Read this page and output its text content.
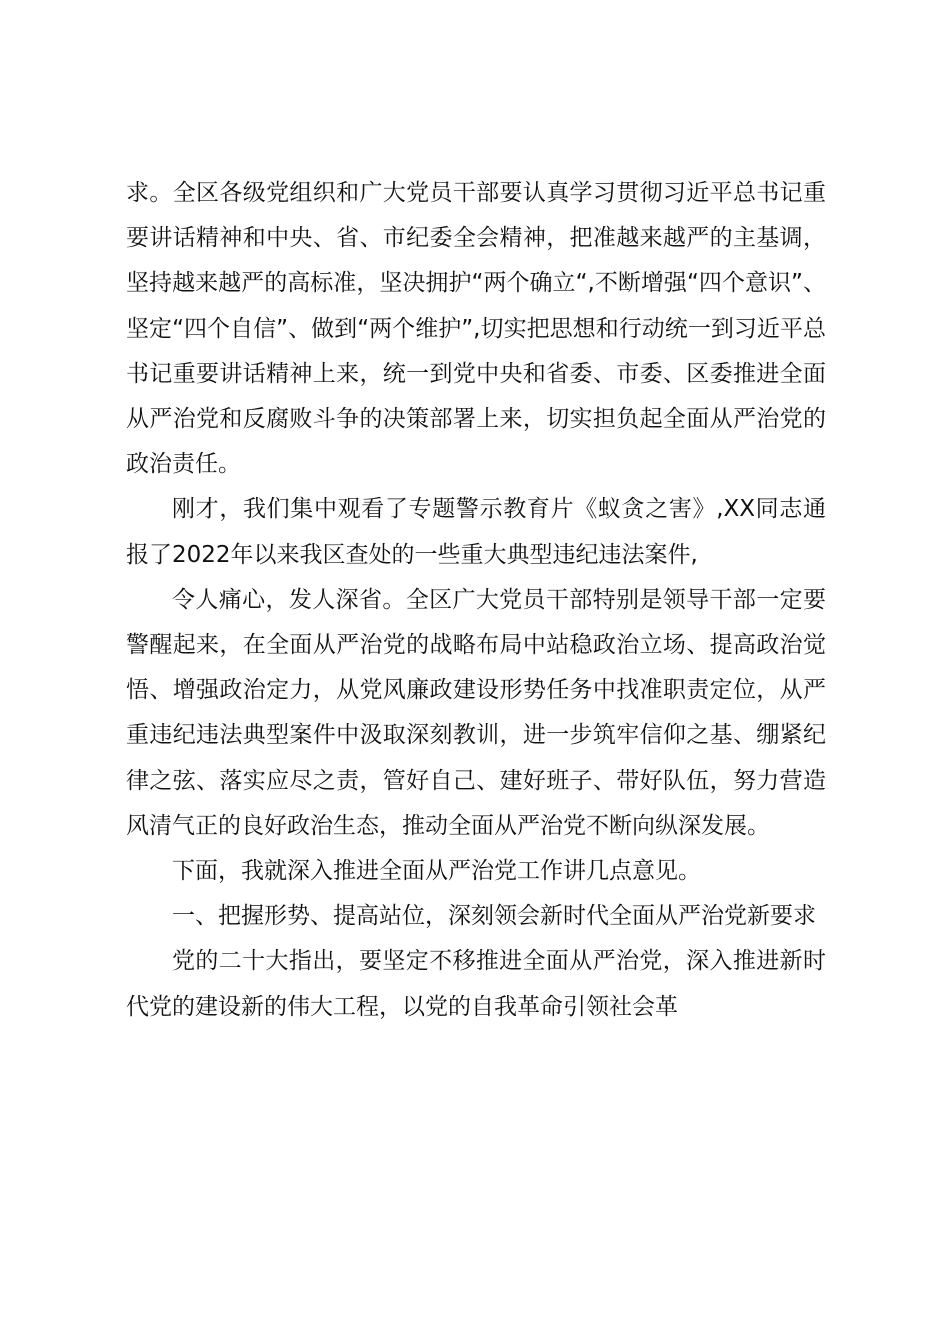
求。全区各级党组织和广大党员干部要认真学习贯彻习近平总书记重要讲话精神和中央、省、市纪委全会精神，把准越来越严的主基调，坚持越来越严的高标准，坚决拥护“两个确立“,不断增强“四个意识”、坚定“四个自信”、做到“两个维护”,切实把思想和行动统一到习近平总书记重要讲话精神上来，统一到党中央和省委、市委、区委推进全面从严治党和反腐败斗争的决策部署上来，切实担负起全面从严治党的政治责任。

刚才，我们集中观看了专题警示教育片《蚁贪之害》,XX同志通报了2022年以来我区查处的一些重大典型违纪违法案件,

令人痛心，发人深省。全区广大党员干部特别是领导干部一定要警醒起来，在全面从严治党的战略布局中站稳政治立场、提高政治觉悟、增强政治定力，从党风廉政建设形势任务中找准职责定位，从严重违纪违法典型案件中汲取深刻教训，进一步筑牢信仰之基、绷紧纪律之弦、落实应尽之责，管好自己、建好班子、带好队伍，努力营造风清气正的良好政治生态，推动全面从严治党不断向纵深发展。

下面，我就深入推进全面从严治党工作讲几点意见。

一、把握形势、提高站位，深刻领会新时代全面从严治党新要求

党的二十大指出，要坚定不移推进全面从严治党，深入推进新时代党的建设新的伟大工程，以党的自我革命引领社会革
